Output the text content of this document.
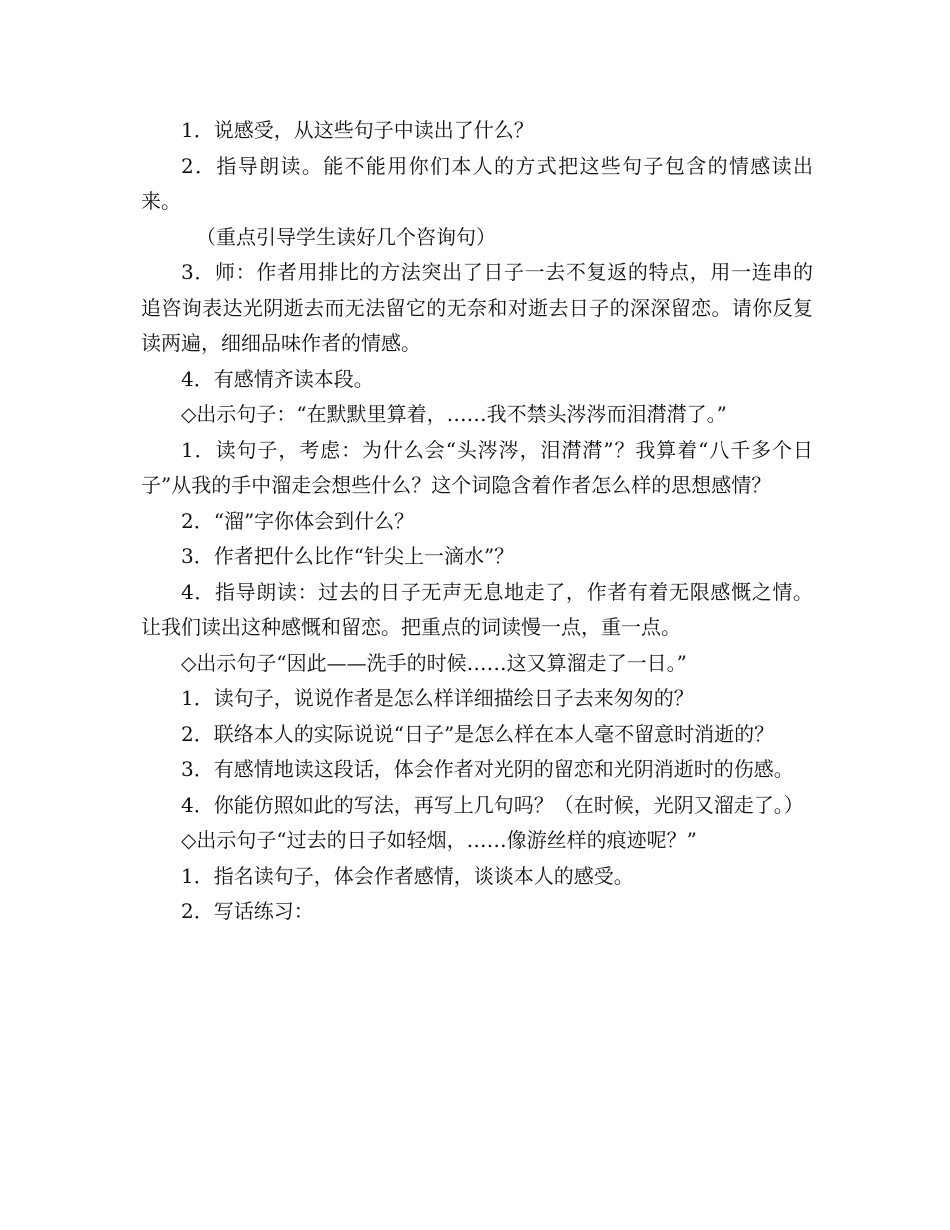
1．说感受，从这些句子中读出了什么？

2．指导朗读。能不能用你们本人的方式把这些句子包含的情感读出来。

（重点引导学生读好几个咨询句）

3．师：作者用排比的方法突出了日子一去不复返的特点，用一连串的追咨询表达光阴逝去而无法留它的无奈和对逝去日子的深深留恋。请你反复读两遍，细细品味作者的情感。

4．有感情齐读本段。

◇出示句子：“在默默里算着，……我不禁头涔涔而泪潸潸了。”

1．读句子，考虑：为什么会“头涔涔，泪潸潸”？我算着“八千多个日子”从我的手中溜走会想些什么？这个词隐含着作者怎么样的思想感情？

2．“溜”字你体会到什么？

3．作者把什么比作“针尖上一滴水”？

4．指导朗读：过去的日子无声无息地走了，作者有着无限感慨之情。让我们读出这种感慨和留恋。把重点的词读慢一点，重一点。

◇出示句子“因此——洗手的时候……这又算溜走了一日。”

1．读句子，说说作者是怎么样详细描绘日子去来匆匆的？

2．联络本人的实际说说“日子”是怎么样在本人毫不留意时消逝的？

3．有感情地读这段话，体会作者对光阴的留恋和光阴消逝时的伤感。

4．你能仿照如此的写法，再写上几句吗？（在时候，光阴又溜走了。）

◇出示句子“过去的日子如轻烟，……像游丝样的痕迹呢？”

1．指名读句子，体会作者感情，谈谈本人的感受。

2．写话练习：
